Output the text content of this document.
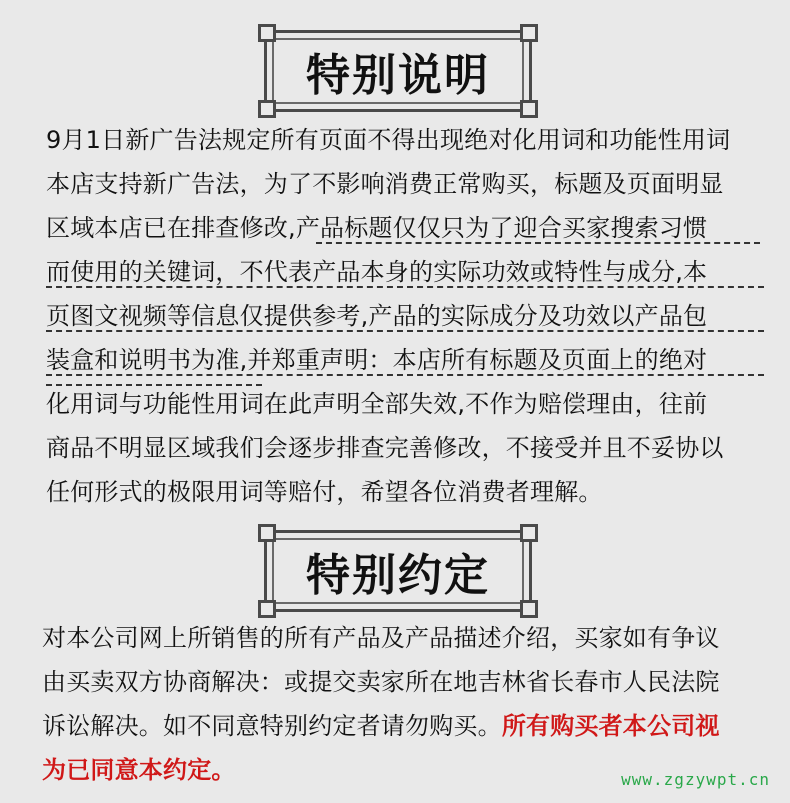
特别说明
9月1日新广告法规定所有页面不得出现绝对化用词和功能性用词
本店支持新广告法，为了不影响消费正常购买，标题及页面明显
区域本店已在排查修改,产品标题仅仅只为了迎合买家搜索习惯
而使用的关键词，不代表产品本身的实际功效或特性与成分,本
页图文视频等信息仅提供参考,产品的实际成分及功效以产品包
装盒和说明书为准,并郑重声明：本店所有标题及页面上的绝对
化用词与功能性用词在此声明全部失效,不作为赔偿理由，往前
商品不明显区域我们会逐步排查完善修改，不接受并且不妥协以
任何形式的极限用词等赔付，希望各位消费者理解。
特别约定
对本公司网上所销售的所有产品及产品描述介绍，买家如有争议
由买卖双方协商解决：或提交卖家所在地吉林省长春市人民法院
诉讼解决。如不同意特别约定者请勿购买。所有购买者本公司视
为已同意本约定。	www.zgzywpt.cn
